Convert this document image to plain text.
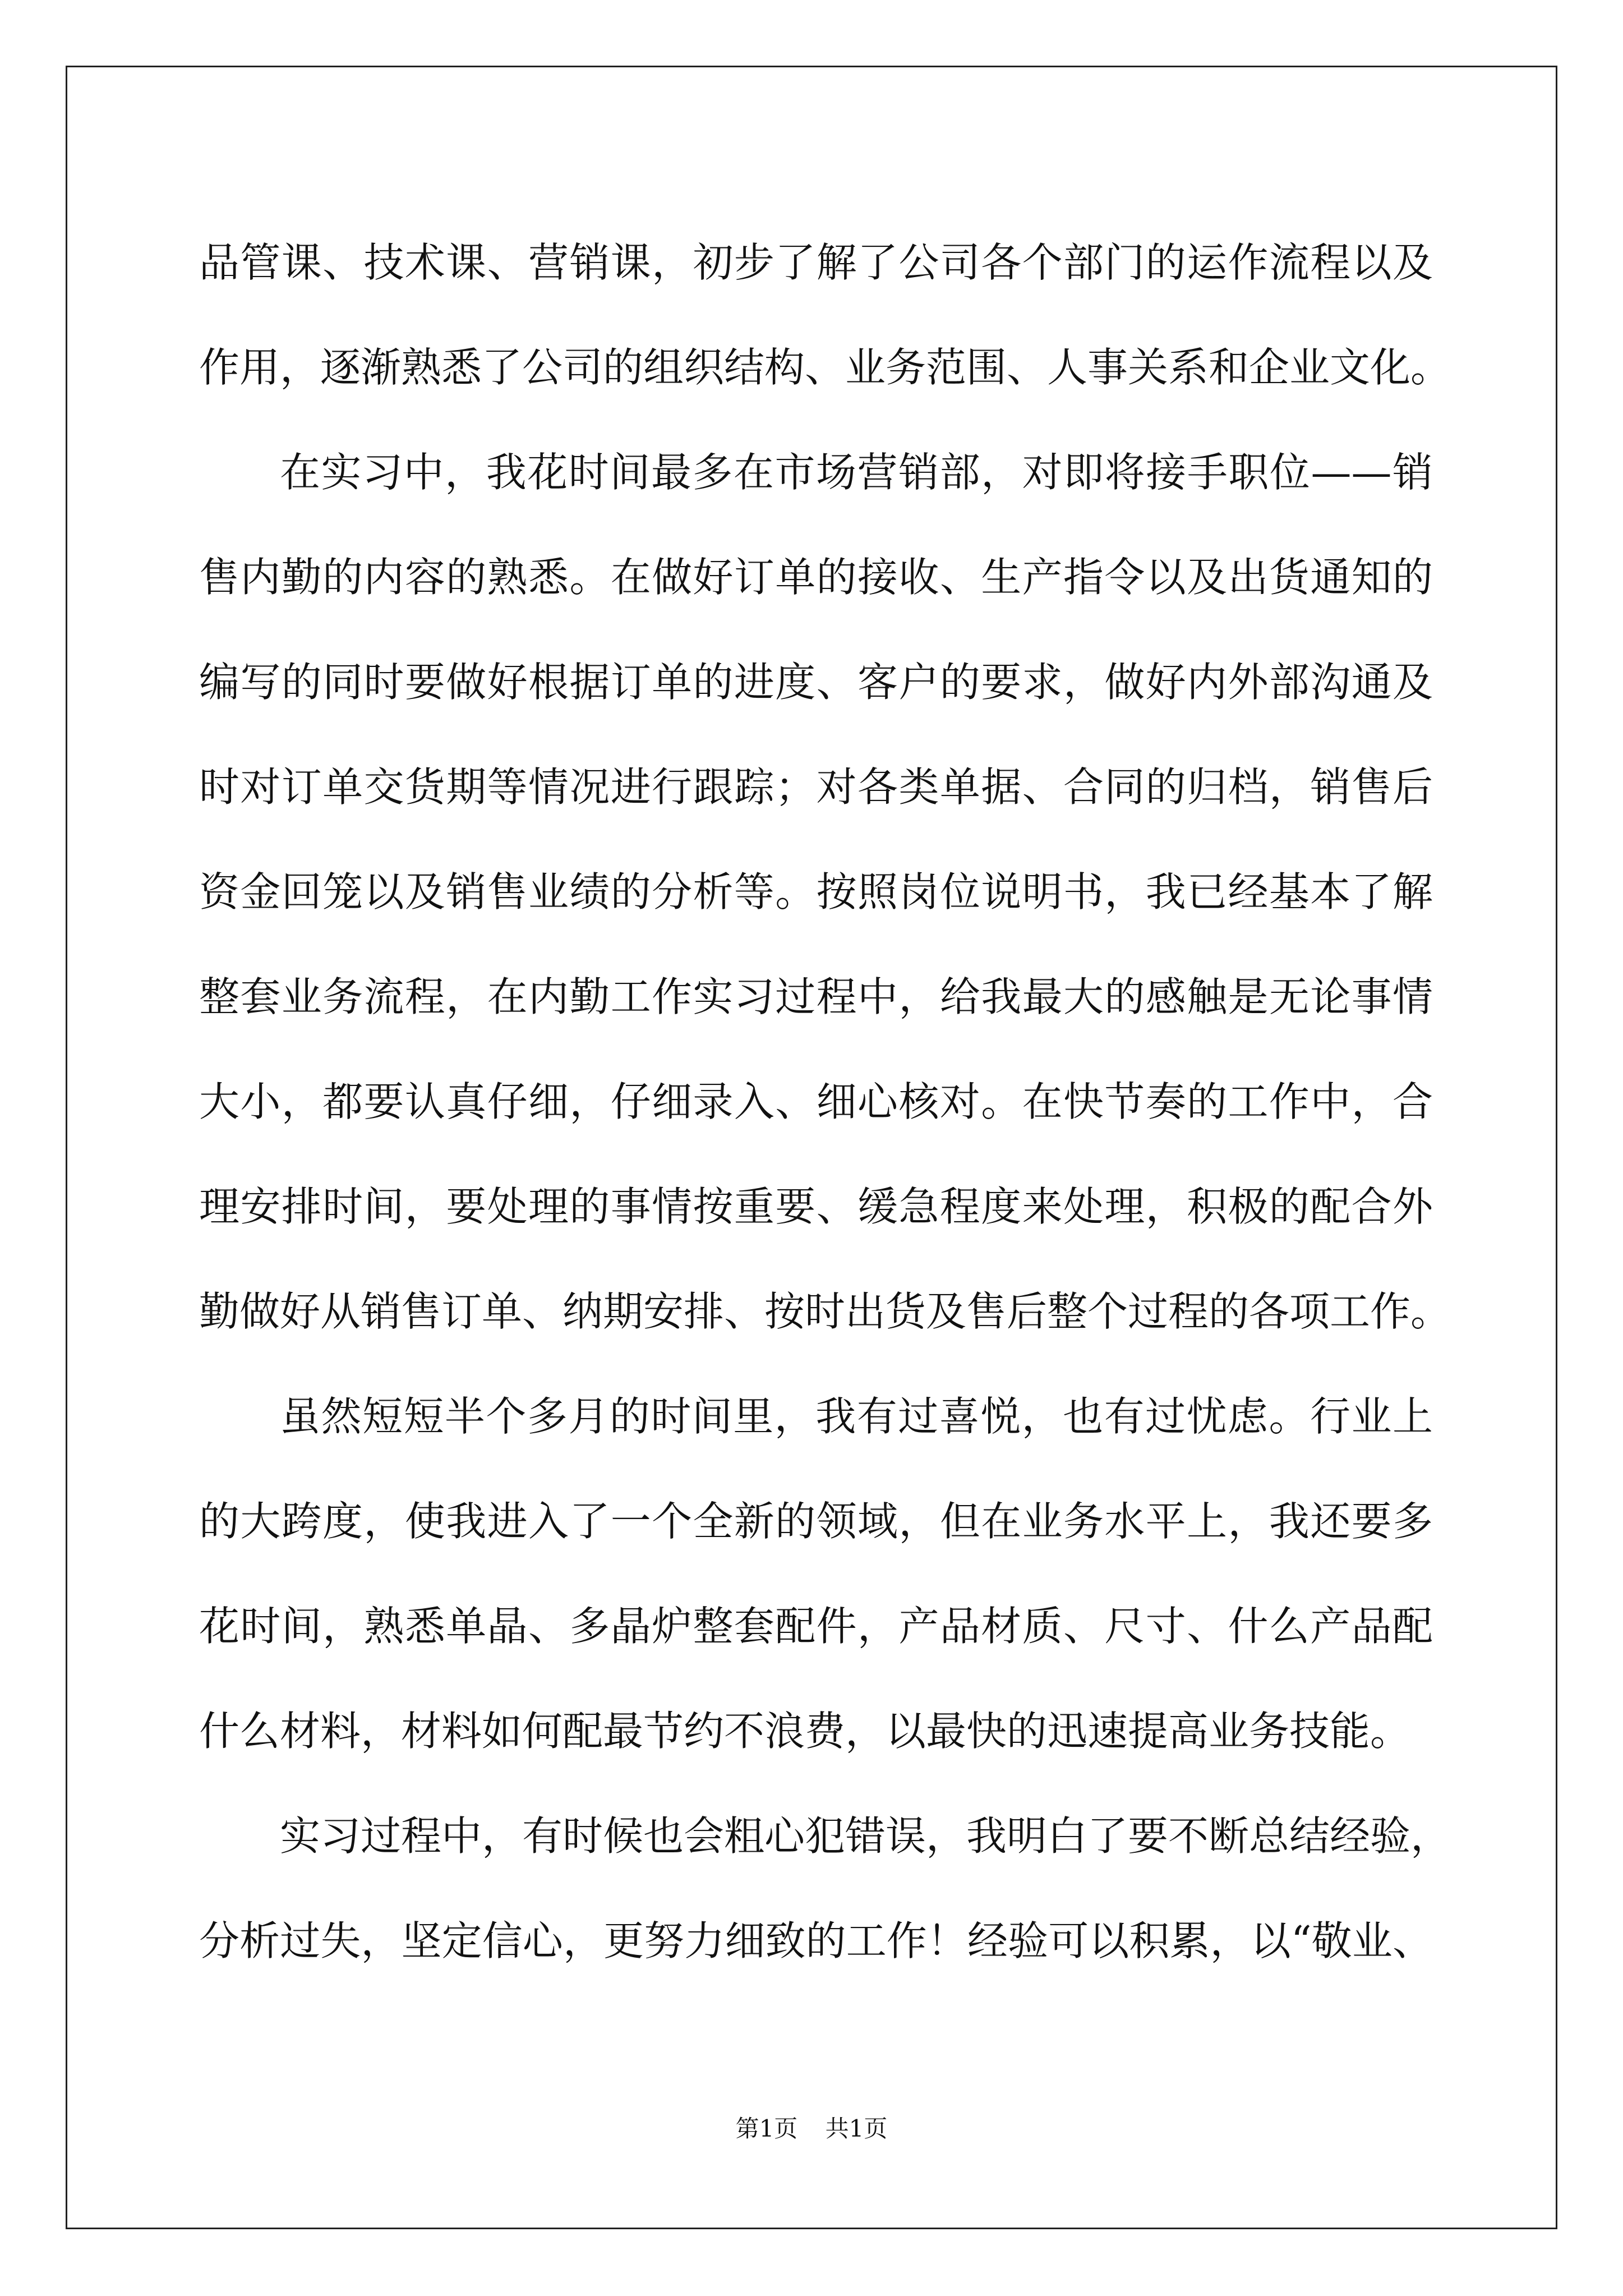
品管课、技术课、营销课，初步了解了公司各个部门的运作流程以及
作用，逐渐熟悉了公司的组织结构、业务范围、人事关系和企业文化。
在实习中，我花时间最多在市场营销部，对即将接手职位——销
售内勤的内容的熟悉。在做好订单的接收、生产指令以及出货通知的
编写的同时要做好根据订单的进度、客户的要求，做好内外部沟通及
时对订单交货期等情况进行跟踪；对各类单据、合同的归档，销售后
资金回笼以及销售业绩的分析等。按照岗位说明书，我已经基本了解
整套业务流程，在内勤工作实习过程中，给我最大的感触是无论事情
大小，都要认真仔细，仔细录入、细心核对。在快节奏的工作中，合
理安排时间，要处理的事情按重要、缓急程度来处理，积极的配合外
勤做好从销售订单、纳期安排、按时出货及售后整个过程的各项工作。
虽然短短半个多月的时间里，我有过喜悦，也有过忧虑。行业上
的大跨度，使我进入了一个全新的领域，但在业务水平上，我还要多
花时间，熟悉单晶、多晶炉整套配件，产品材质、尺寸、什么产品配
什么材料，材料如何配最节约不浪费，以最快的迅速提高业务技能。
实习过程中，有时候也会粗心犯错误，我明白了要不断总结经验，
分析过失，坚定信心，更努力细致的工作！经验可以积累，以“敬业、
第1页 共1页
